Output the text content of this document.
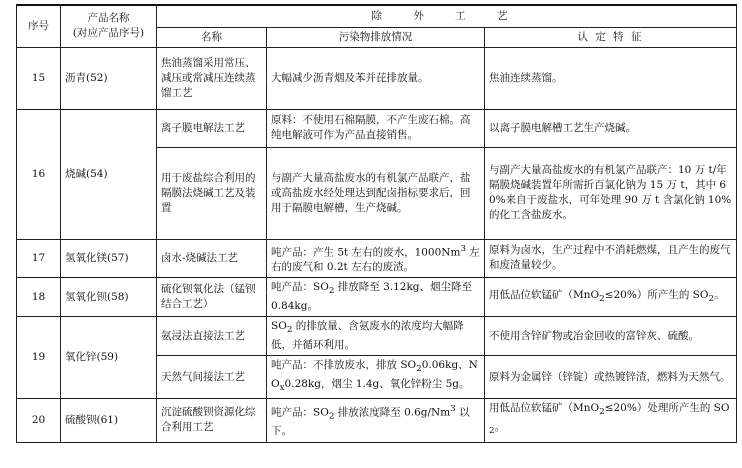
序号	产品名称
(对应产品序号)	除 外 工 艺		
		名称	污染物排放情况	认 定 特 征
15	沥青(52)	焦油蒸馏采用常压、减压或常减压连续蒸馏工艺	大幅减少沥青烟及苯并芘排放量。	焦油连续蒸馏。
16	烧碱(54)	离子膜电解法工艺	原料：不使用石棉隔膜，不产生废石棉。高纯电解液可作为产品直接销售。	以离子膜电解槽工艺生产烧碱。
		用于废盐综合利用的隔膜法烧碱工艺及装置	与副产大量高盐废水的有机氯产品联产，盐或高盐废水经处理达到配卤指标要求后，回用于隔膜电解槽，生产烧碱。	与副产大量高盐废水的有机氯产品联产：10 万 t/年隔膜烧碱装置年所需折百氯化钠为 15 万 t，其中 60%来自于废盐水，可年处理 90 万 t 含氯化钠 10%的化工含盐废水。
17	氢氧化镁(57)	卤水-烧碱法工艺	吨产品：产生 5t 左右的废水，1000Nm$^3$ 左右的废气和 0.2t 左右的废渣。	原料为卤水，生产过程中不消耗燃煤，且产生的废气和废渣量较少。
18	氢氧化钡(58)	硫化钡氧化法（锰钡结合工艺）	吨产品：$SO_2$ 排放降至 3.12kg、烟尘降至 0.84kg。	用低品位软锰矿（MnO$_2$≤20%）所产生的 $SO_2$。
19	氧化锌(59)	氨浸法直接法工艺	$SO_2$ 的排放量、含氨废水的浓度均大幅降低，并循环利用。	不使用含锌矿物或冶金回收的富锌灰、硫酸。
		天然气间接法工艺	吨产品：不排放废水，排放 $SO_20.06kg$、$NO_x0.28kg$，烟尘 1.4g、氧化锌粉尘 5g。	原料为金属锌（锌锭）或热镀锌渣，燃料为天然气。
20	硫酸钡(61)	沉淀硫酸钡资源化综合利用工艺	吨产品：$SO_2$ 排放浓度降至 0.6g/Nm$^3$ 以下。	用低品位软锰矿（MnO$_2$≤20%）处理所产生的 $SO_2$。
